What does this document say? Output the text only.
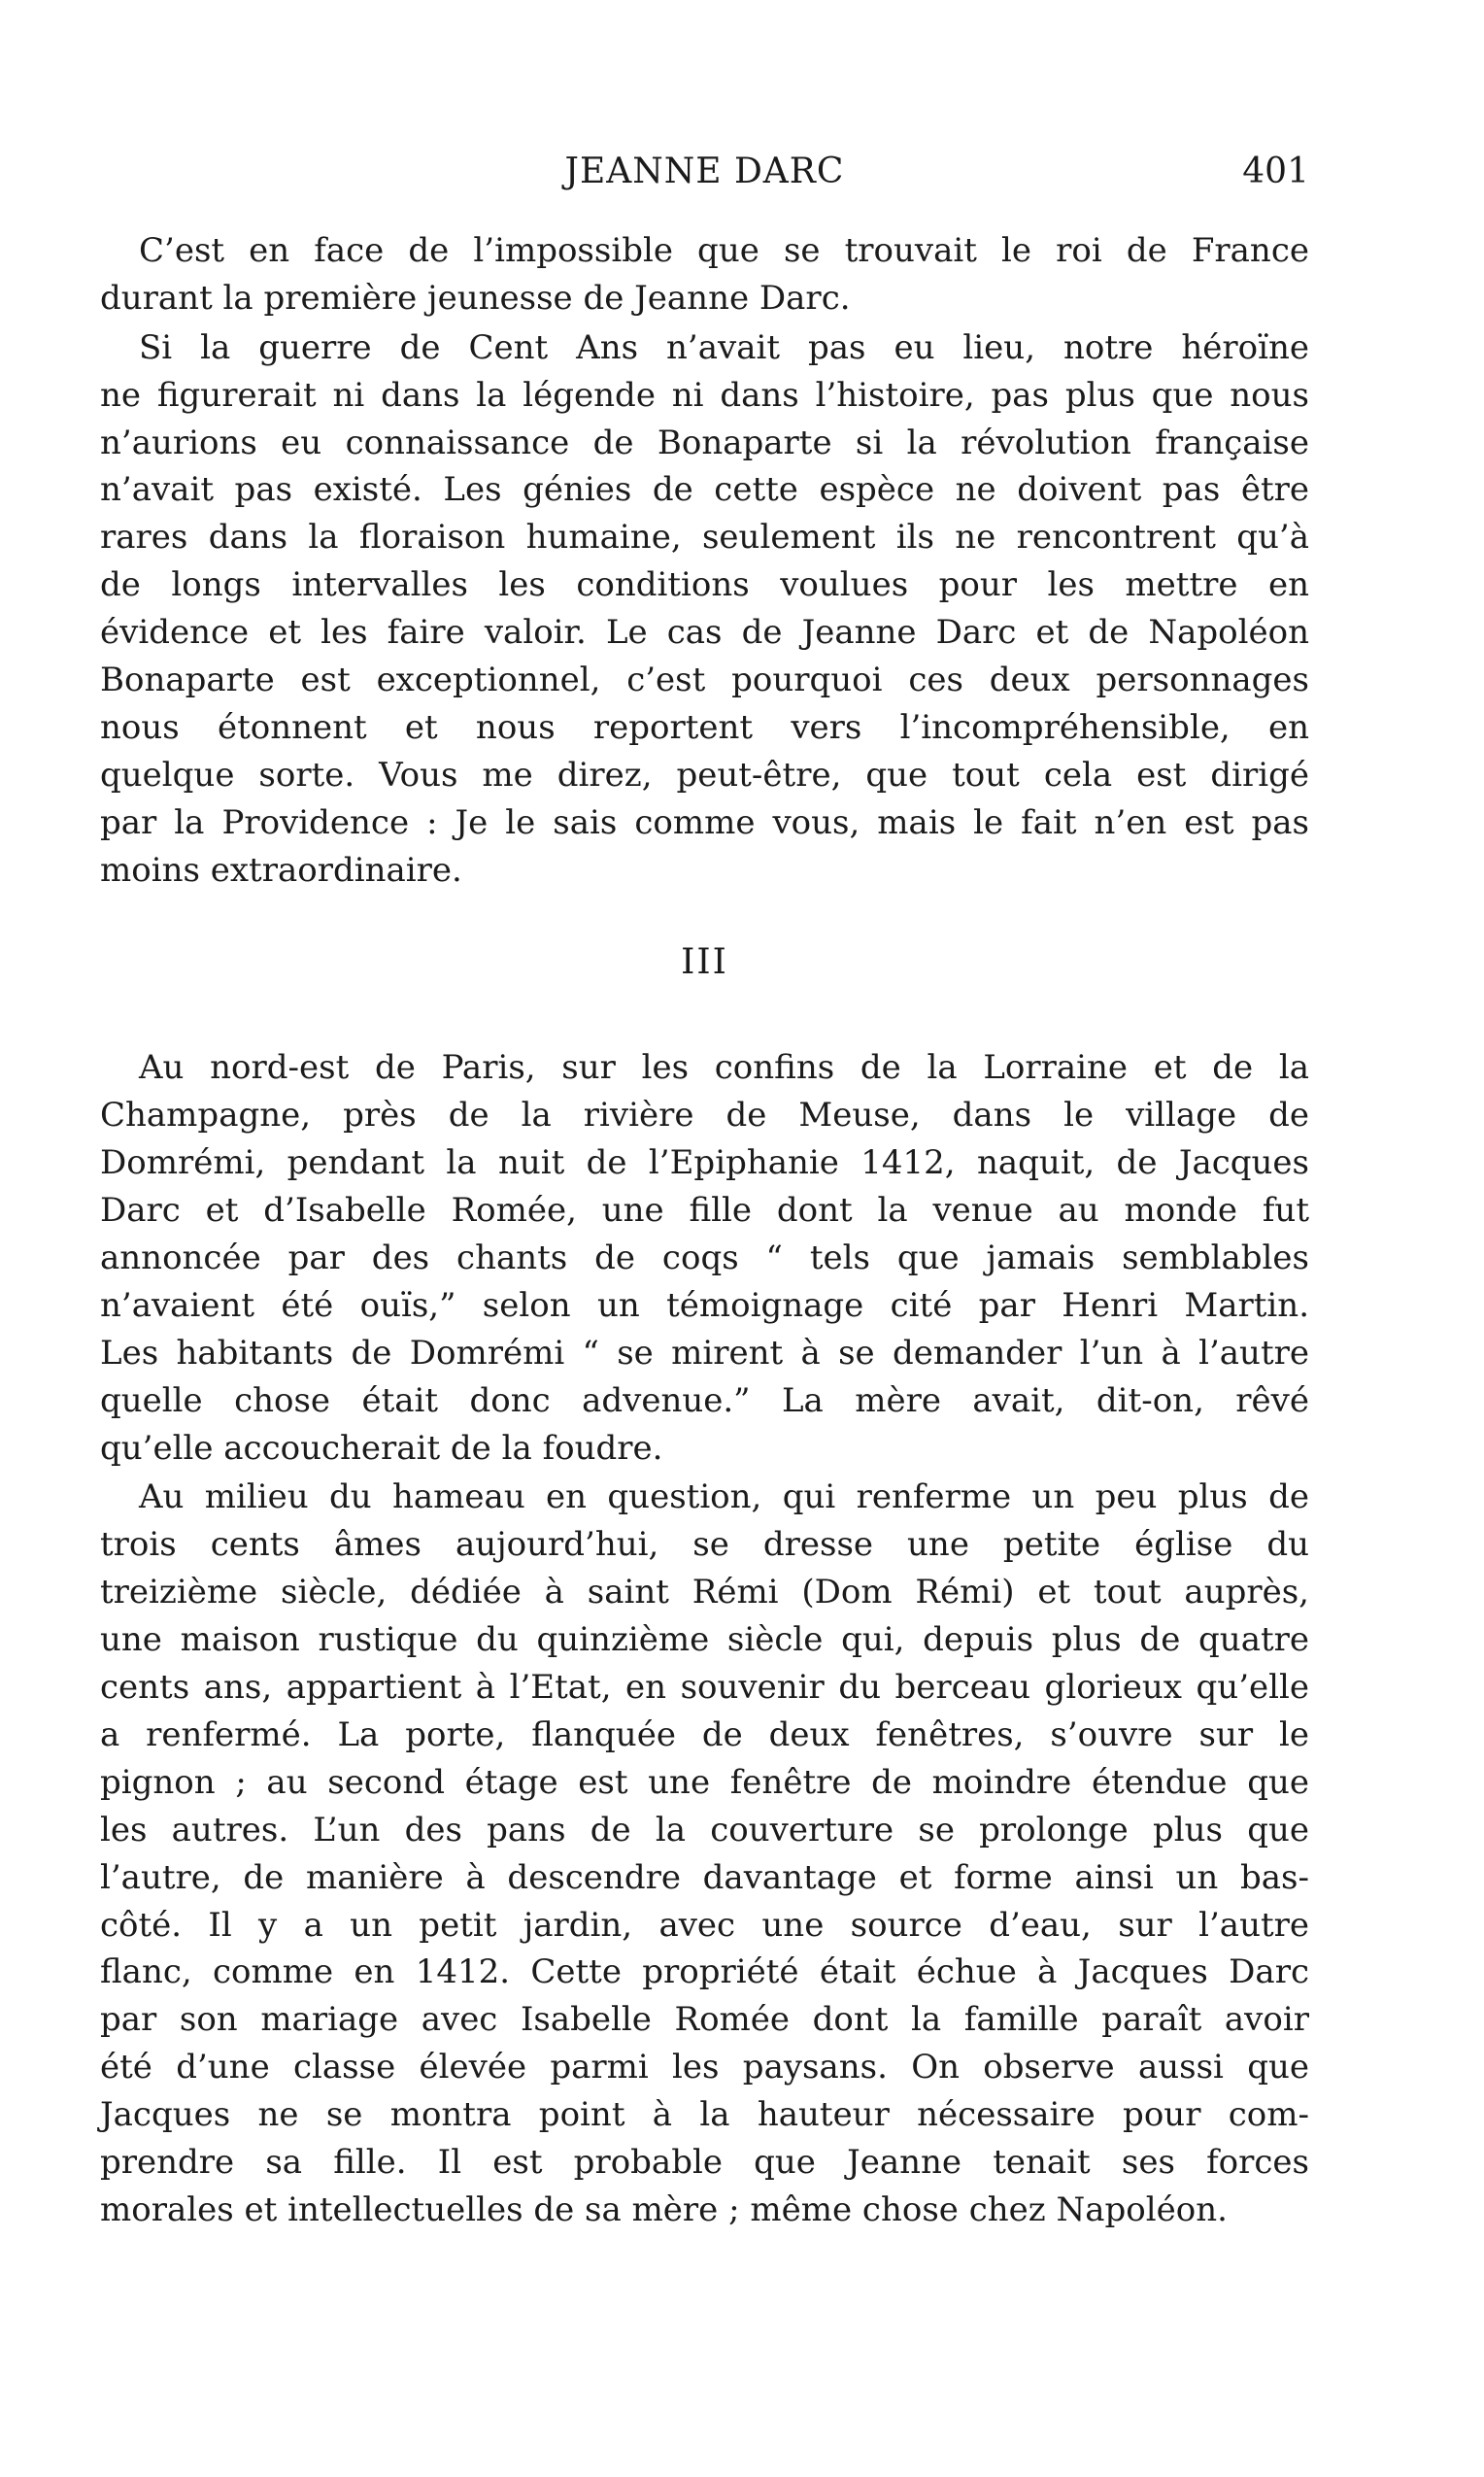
JEANNE DARC	401
C’est en face de l’impossible que se trouvait le roi de France
durant la première jeunesse de Jeanne Darc.
Si la guerre de Cent Ans n’avait pas eu lieu, notre héroïne
ne figurerait ni dans la légende ni dans l’histoire, pas plus que nous
n’aurions eu connaissance de Bonaparte si la révolution française
n’avait pas existé. Les génies de cette espèce ne doivent pas être
rares dans la floraison humaine, seulement ils ne rencontrent qu’à
de longs intervalles les conditions voulues pour les mettre en
évidence et les faire valoir. Le cas de Jeanne Darc et de Napoléon
Bonaparte est exceptionnel, c’est pourquoi ces deux personnages
nous étonnent et nous reportent vers l’incompréhensible, en
quelque sorte. Vous me direz, peut-être, que tout cela est dirigé
par la Providence : Je le sais comme vous, mais le fait n’en est pas
moins extraordinaire.
III
Au nord-est de Paris, sur les confins de la Lorraine et de la
Champagne, près de la rivière de Meuse, dans le village de
Domrémi, pendant la nuit de l’Epiphanie 1412, naquit, de Jacques
Darc et d’Isabelle Romée, une fille dont la venue au monde fut
annoncée par des chants de coqs “ tels que jamais semblables
n’avaient été ouïs,” selon un témoignage cité par Henri Martin.
Les habitants de Domrémi “ se mirent à se demander l’un à l’autre
quelle chose était donc advenue.” La mère avait, dit-on, rêvé
qu’elle accoucherait de la foudre.
Au milieu du hameau en question, qui renferme un peu plus de
trois cents âmes aujourd’hui, se dresse une petite église du
treizième siècle, dédiée à saint Rémi (Dom Rémi) et tout auprès,
une maison rustique du quinzième siècle qui, depuis plus de quatre
cents ans, appartient à l’Etat, en souvenir du berceau glorieux qu’elle
a renfermé. La porte, flanquée de deux fenêtres, s’ouvre sur le
pignon ; au second étage est une fenêtre de moindre étendue que
les autres. L’un des pans de la couverture se prolonge plus que
l’autre, de manière à descendre davantage et forme ainsi un bas-
côté. Il y a un petit jardin, avec une source d’eau, sur l’autre
flanc, comme en 1412. Cette propriété était échue à Jacques Darc
par son mariage avec Isabelle Romée dont la famille paraît avoir
été d’une classe élevée parmi les paysans. On observe aussi que
Jacques ne se montra point à la hauteur nécessaire pour com-
prendre sa fille. Il est probable que Jeanne tenait ses forces
morales et intellectuelles de sa mère ; même chose chez Napoléon.
